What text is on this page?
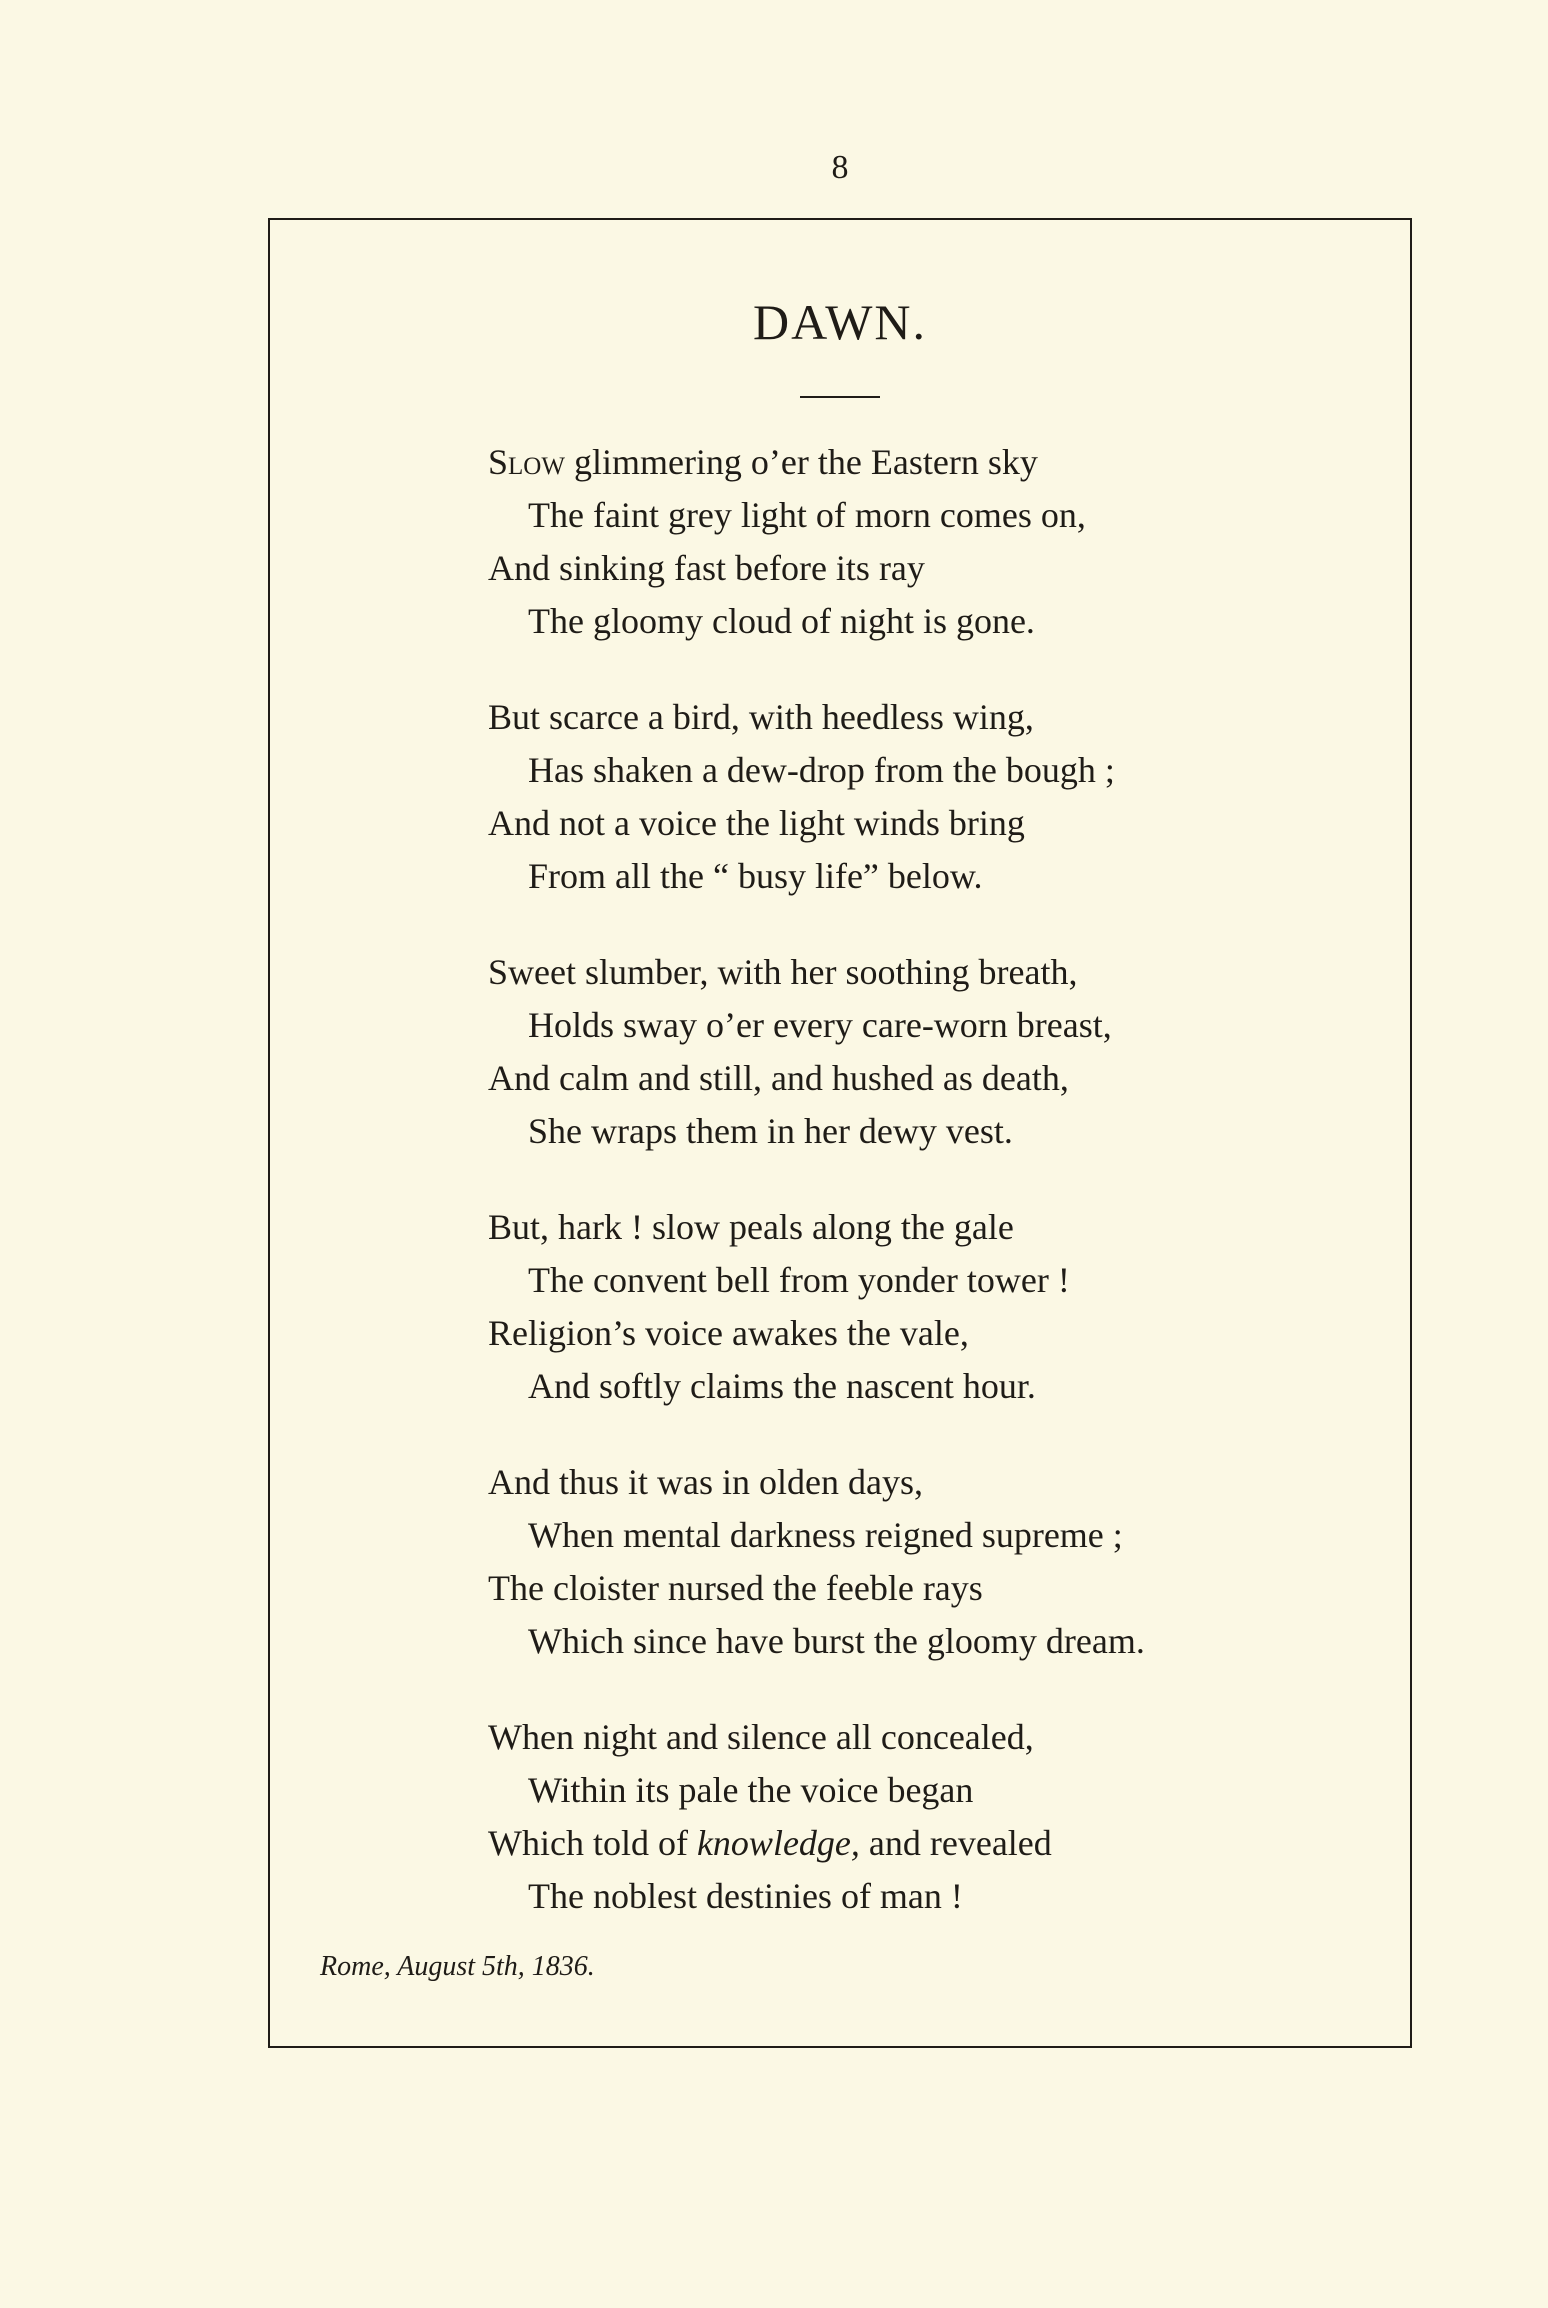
8
DAWN.
Slow glimmering o’er the Eastern sky
The faint grey light of morn comes on,
And sinking fast before its ray
The gloomy cloud of night is gone.
But scarce a bird, with heedless wing,
Has shaken a dew-drop from the bough ;
And not a voice the light winds bring
From all the “ busy life” below.
Sweet slumber, with her soothing breath,
Holds sway o’er every care-worn breast,
And calm and still, and hushed as death,
She wraps them in her dewy vest.
But, hark ! slow peals along the gale
The convent bell from yonder tower !
Religion’s voice awakes the vale,
And softly claims the nascent hour.
And thus it was in olden days,
When mental darkness reigned supreme ;
The cloister nursed the feeble rays
Which since have burst the gloomy dream.
When night and silence all concealed,
Within its pale the voice began
Which told of knowledge, and revealed
The noblest destinies of man !
Rome, August 5th, 1836.
